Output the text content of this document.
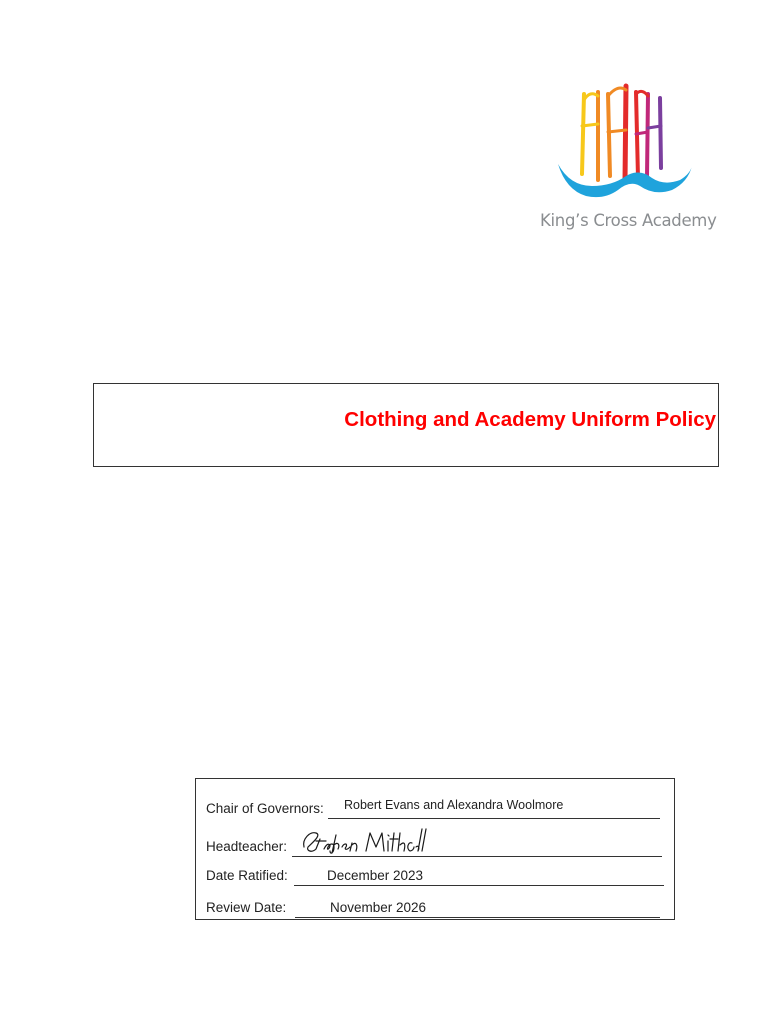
King’s Cross Academy
Clothing and Academy Uniform Policy
Chair of Governors: Robert Evans and Alexandra Woolmore
Headteacher:
Date Ratified:	December 2023
Review Date:	November 2026
